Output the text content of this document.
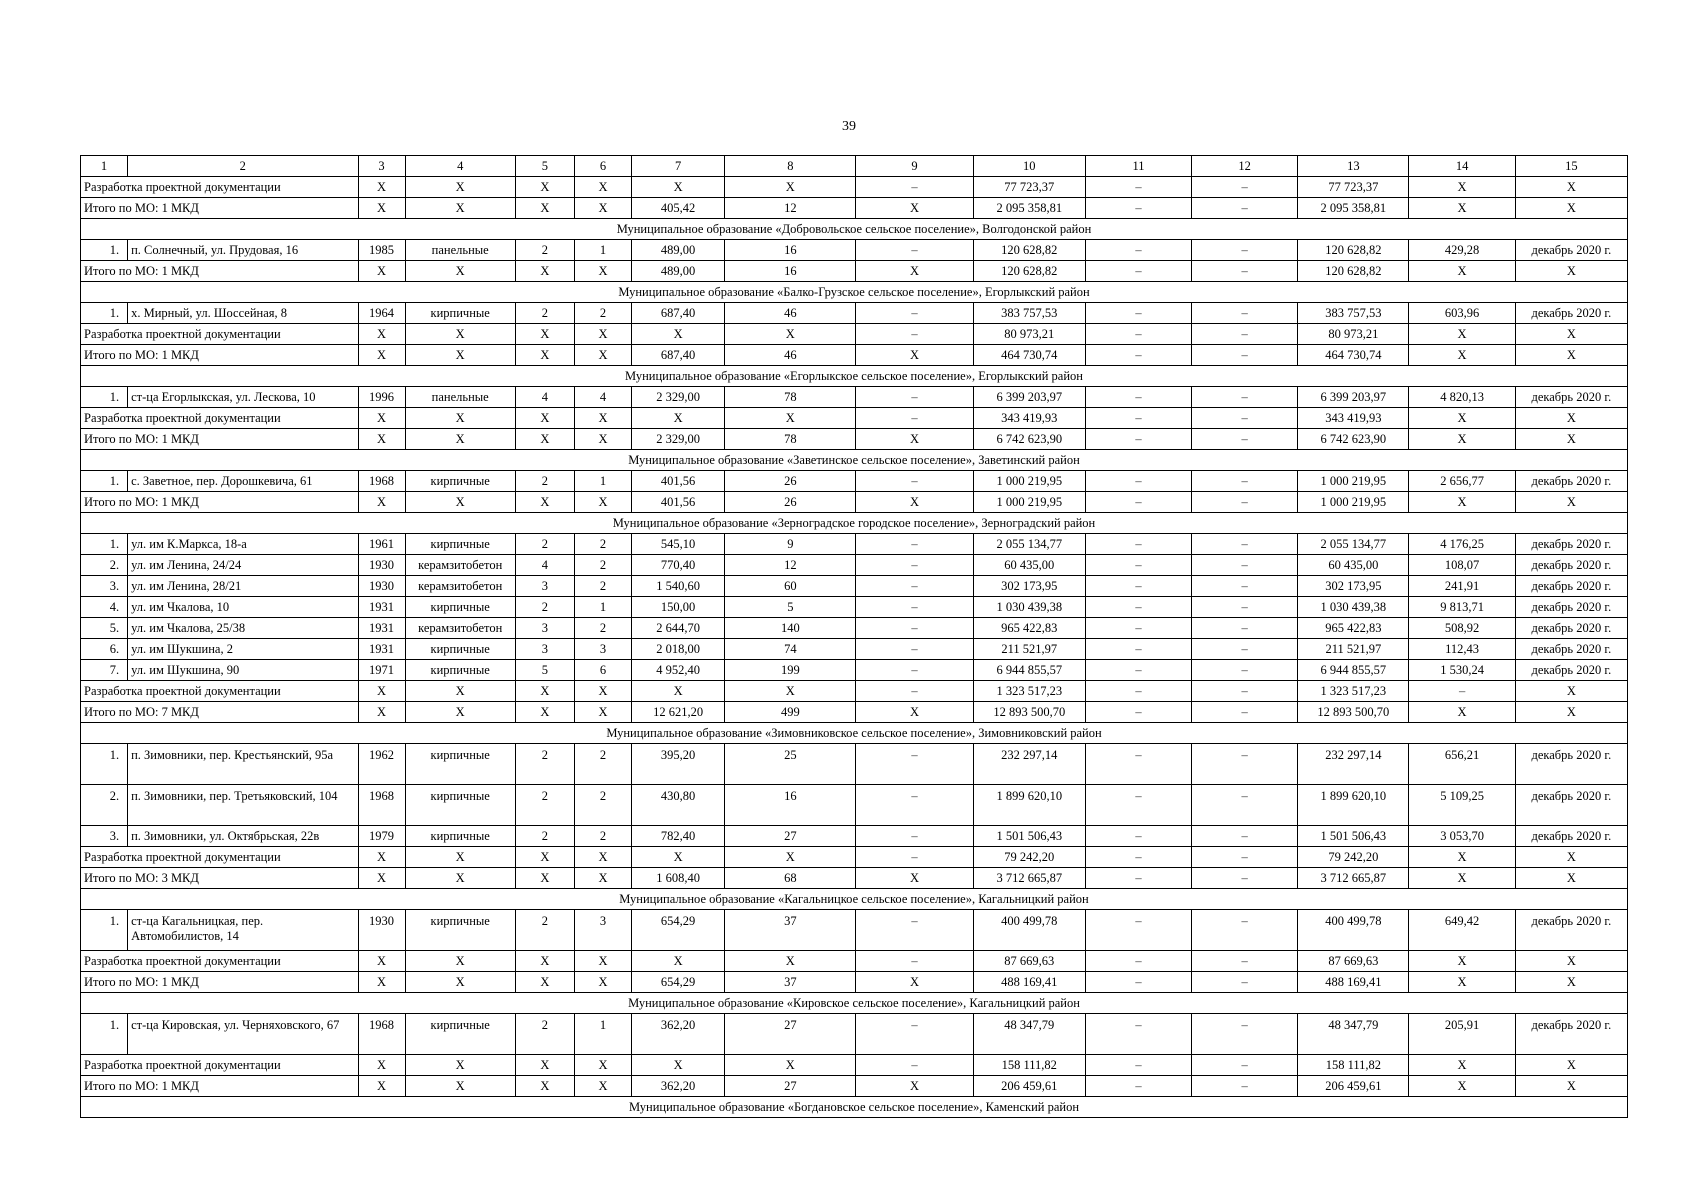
39
1	2	3	4	5	6	7	8	9	10	11	12	13	14	15
Разработка проектной документации		X	X	X	X	X	X	–	77 723,37	–	–	77 723,37	X	X
Итого по МО: 1 МКД		X	X	X	X	405,42	12	X	2 095 358,81	–	–	2 095 358,81	X	X
Муниципальное образование «Добровольское сельское поселение», Волгодонской район														
1.	п. Солнечный, ул. Прудовая, 16	1985	панельные	2	1	489,00	16	–	120 628,82	–	–	120 628,82	429,28	декабрь 2020 г.
Итого по МО: 1 МКД		X	X	X	X	489,00	16	X	120 628,82	–	–	120 628,82	X	X
Муниципальное образование «Балко-Грузское сельское поселение», Егорлыкский район														
1.	х. Мирный, ул. Шоссейная, 8	1964	кирпичные	2	2	687,40	46	–	383 757,53	–	–	383 757,53	603,96	декабрь 2020 г.
Разработка проектной документации		X	X	X	X	X	X	–	80 973,21	–	–	80 973,21	X	X
Итого по МО: 1 МКД		X	X	X	X	687,40	46	X	464 730,74	–	–	464 730,74	X	X
Муниципальное образование «Егорлыкское сельское поселение», Егорлыкский район														
1.	ст-ца Егорлыкская, ул. Лескова, 10	1996	панельные	4	4	2 329,00	78	–	6 399 203,97	–	–	6 399 203,97	4 820,13	декабрь 2020 г.
Разработка проектной документации		X	X	X	X	X	X	–	343 419,93	–	–	343 419,93	X	X
Итого по МО: 1 МКД		X	X	X	X	2 329,00	78	X	6 742 623,90	–	–	6 742 623,90	X	X
Муниципальное образование «Заветинское сельское поселение», Заветинский район														
1.	с. Заветное, пер. Дорошкевича, 61	1968	кирпичные	2	1	401,56	26	–	1 000 219,95	–	–	1 000 219,95	2 656,77	декабрь 2020 г.
Итого по МО: 1 МКД		X	X	X	X	401,56	26	X	1 000 219,95	–	–	1 000 219,95	X	X
Муниципальное образование «Зерноградское городское поселение», Зерноградский район														
1.	ул. им К.Маркса, 18-а	1961	кирпичные	2	2	545,10	9	–	2 055 134,77	–	–	2 055 134,77	4 176,25	декабрь 2020 г.
2.	ул. им Ленина, 24/24	1930	керамзитобетон	4	2	770,40	12	–	60 435,00	–	–	60 435,00	108,07	декабрь 2020 г.
3.	ул. им Ленина, 28/21	1930	керамзитобетон	3	2	1 540,60	60	–	302 173,95	–	–	302 173,95	241,91	декабрь 2020 г.
4.	ул. им Чкалова, 10	1931	кирпичные	2	1	150,00	5	–	1 030 439,38	–	–	1 030 439,38	9 813,71	декабрь 2020 г.
5.	ул. им Чкалова, 25/38	1931	керамзитобетон	3	2	2 644,70	140	–	965 422,83	–	–	965 422,83	508,92	декабрь 2020 г.
6.	ул. им Шукшина, 2	1931	кирпичные	3	3	2 018,00	74	–	211 521,97	–	–	211 521,97	112,43	декабрь 2020 г.
7.	ул. им Шукшина, 90	1971	кирпичные	5	6	4 952,40	199	–	6 944 855,57	–	–	6 944 855,57	1 530,24	декабрь 2020 г.
Разработка проектной документации		X	X	X	X	X	X	–	1 323 517,23	–	–	1 323 517,23	–	X
Итого по МО: 7 МКД		X	X	X	X	12 621,20	499	X	12 893 500,70	–	–	12 893 500,70	X	X
Муниципальное образование «Зимовниковское сельское поселение», Зимовниковский район														
1.	п. Зимовники, пер. Крестьянский, 95а	1962	кирпичные	2	2	395,20	25	–	232 297,14	–	–	232 297,14	656,21	декабрь 2020 г.
2.	п. Зимовники, пер. Третьяковский, 104	1968	кирпичные	2	2	430,80	16	–	1 899 620,10	–	–	1 899 620,10	5 109,25	декабрь 2020 г.
3.	п. Зимовники, ул. Октябрьская, 22в	1979	кирпичные	2	2	782,40	27	–	1 501 506,43	–	–	1 501 506,43	3 053,70	декабрь 2020 г.
Разработка проектной документации		X	X	X	X	X	X	–	79 242,20	–	–	79 242,20	X	X
Итого по МО: 3 МКД		X	X	X	X	1 608,40	68	X	3 712 665,87	–	–	3 712 665,87	X	X
Муниципальное образование «Кагальницкое сельское поселение», Кагальницкий район														
1.	ст-ца Кагальницкая, пер. Автомобилистов, 14	1930	кирпичные	2	3	654,29	37	–	400 499,78	–	–	400 499,78	649,42	декабрь 2020 г.
Разработка проектной документации		X	X	X	X	X	X	–	87 669,63	–	–	87 669,63	X	X
Итого по МО: 1 МКД		X	X	X	X	654,29	37	X	488 169,41	–	–	488 169,41	X	X
Муниципальное образование «Кировское сельское поселение», Кагальницкий район														
1.	ст-ца Кировская, ул. Черняховского, 67	1968	кирпичные	2	1	362,20	27	–	48 347,79	–	–	48 347,79	205,91	декабрь 2020 г.
Разработка проектной документации		X	X	X	X	X	X	–	158 111,82	–	–	158 111,82	X	X
Итого по МО: 1 МКД		X	X	X	X	362,20	27	X	206 459,61	–	–	206 459,61	X	X
Муниципальное образование «Богдановское сельское поселение», Каменский район														
